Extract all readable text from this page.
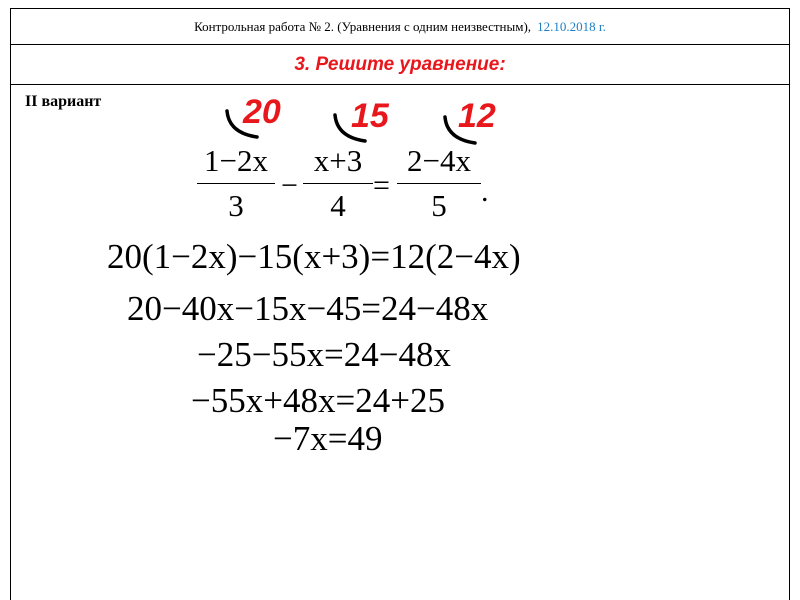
Контрольная работа № 2. (Уравнения с одним неизвестным), 12.10.2018 г.
3. Решите уравнение:
II вариант	20 15 12
1−2x
3
−
x+3
4
=
2−4x
5	.
20(1−2x)−15(x+3)=12(2−4x)
20−40x−15x−45=24−48x
−25−55x=24−48x
−55x+48x=24+25
−7x=49
